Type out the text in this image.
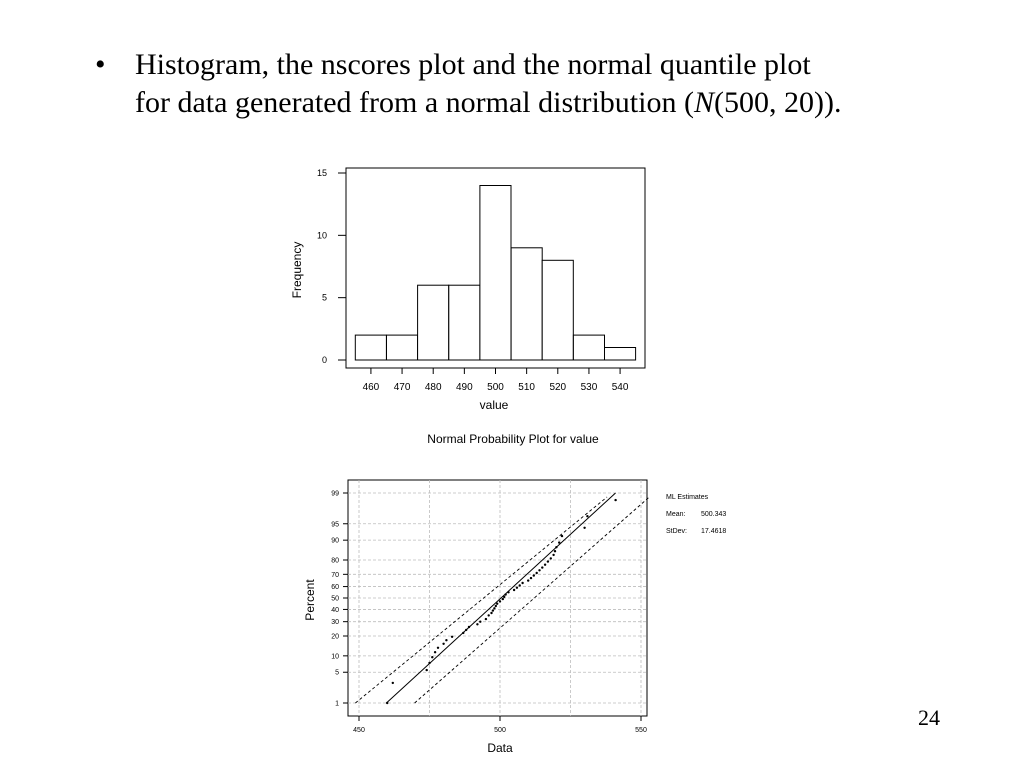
• Histogram, the nscores plot and the normal quantile plot
for data generated from a normal distribution (N(500, 20)).
0
5
10
15
460 470 480 490 500 510 520 530 540
value
Frequency
Normal Probability Plot for value
1
5
10
20
30
40
50
60
70
80
90
95
99
450	500	550
Data
Percent
ML Estimates
Mean: 500.343
StDev: 17.4618
24
